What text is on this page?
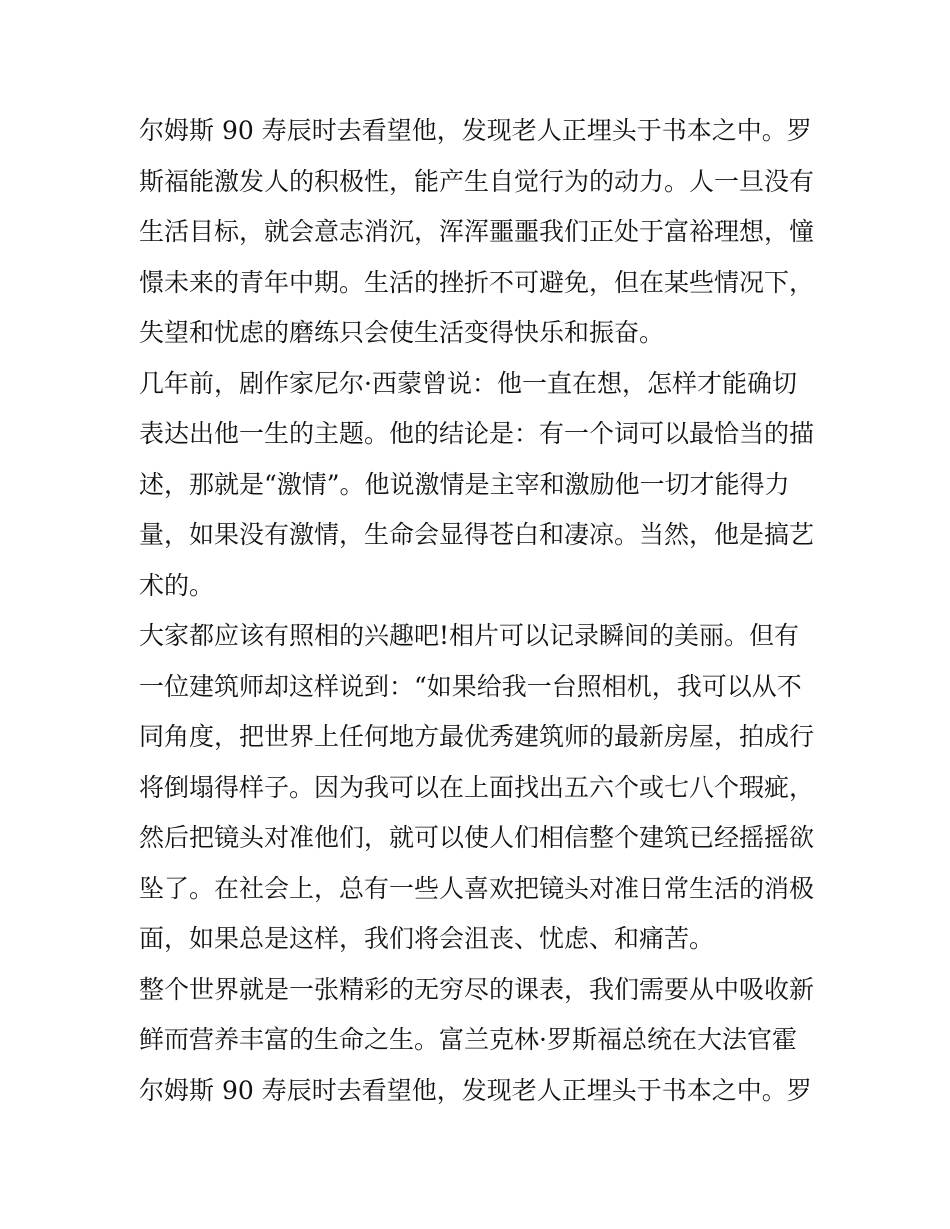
尔姆斯 90 寿辰时去看望他，发现老人正埋头于书本之中。罗
斯福能激发人的积极性，能产生自觉行为的动力。人一旦没有
生活目标，就会意志消沉，浑浑噩噩我们正处于富裕理想，憧
憬未来的青年中期。生活的挫折不可避免，但在某些情况下，
失望和忧虑的磨练只会使生活变得快乐和振奋。
几年前，剧作家尼尔·西蒙曾说：他一直在想，怎样才能确切
表达出他一生的主题。他的结论是：有一个词可以最恰当的描
述，那就是“激情”。他说激情是主宰和激励他一切才能得力
量，如果没有激情，生命会显得苍白和凄凉。当然，他是搞艺
术的。
大家都应该有照相的兴趣吧!相片可以记录瞬间的美丽。但有
一位建筑师却这样说到：“如果给我一台照相机，我可以从不
同角度，把世界上任何地方最优秀建筑师的最新房屋，拍成行
将倒塌得样子。因为我可以在上面找出五六个或七八个瑕疵，
然后把镜头对准他们，就可以使人们相信整个建筑已经摇摇欲
坠了。在社会上，总有一些人喜欢把镜头对准日常生活的消极
面，如果总是这样，我们将会沮丧、忧虑、和痛苦。
整个世界就是一张精彩的无穷尽的课表，我们需要从中吸收新
鲜而营养丰富的生命之生。富兰克林·罗斯福总统在大法官霍
尔姆斯 90 寿辰时去看望他，发现老人正埋头于书本之中。罗
